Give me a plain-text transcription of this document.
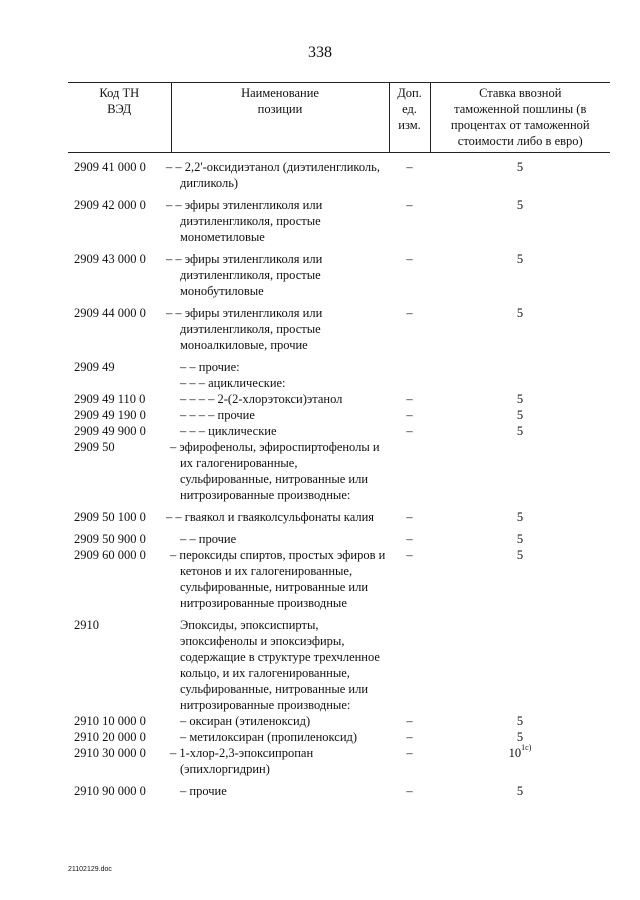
338
Код ТН ВЭД	Наименование позиции	Доп. ед. изм.	Ставка ввозной таможенной пошлины (в процентах от таможенной стоимости либо в евро)

2909 41 000 0	– – 2,2'-оксидиэтанол (диэтиленгликоль, дигликоль)	–	5

2909 42 000 0	– – эфиры этиленгликоля или диэтиленгликоля, простые монометиловые	–	5

2909 43 000 0	– – эфиры этиленгликоля или диэтиленгликоля, простые монобутиловые	–	5

2909 44 000 0	– – эфиры этиленгликоля или диэтиленгликоля, простые моноалкиловые, прочие	–	5

2909 49	– – прочие:		
	– – – ациклические:		
2909 49 110 0	– – – – 2-(2-хлорэтокси)этанол	–	5
2909 49 190 0	– – – – прочие	–	5
2909 49 900 0	– – – циклические	–	5
2909 50	– эфирофенолы, эфироспиртофенолы и их галогенированные, сульфированные, нитрованные или нитрозированные производные:		

2909 50 100 0	– – гваякол и гваяколсульфонаты калия	–	5

2909 50 900 0	– – прочие	–	5
2909 60 000 0	– пероксиды спиртов, простых эфиров и кетонов и их галогенированные, сульфированные, нитрованные или нитрозированные производные	–	5

2910	Эпоксиды, эпоксиспирты, эпоксифенолы и эпоксиэфиры, содержащие в структуре трехчленное кольцо, и их галогенированные, сульфированные, нитрованные или нитрозированные производные:		
2910 10 000 0	– оксиран (этиленоксид)	–	5
2910 20 000 0	– метилоксиран (пропиленоксид)	–	5
2910 30 000 0	– 1-хлор-2,3-эпоксипропан (эпихлоргидрин)	–	$10^{1c)}$

2910 90 000 0	– прочие	–	5
21102129.doc
